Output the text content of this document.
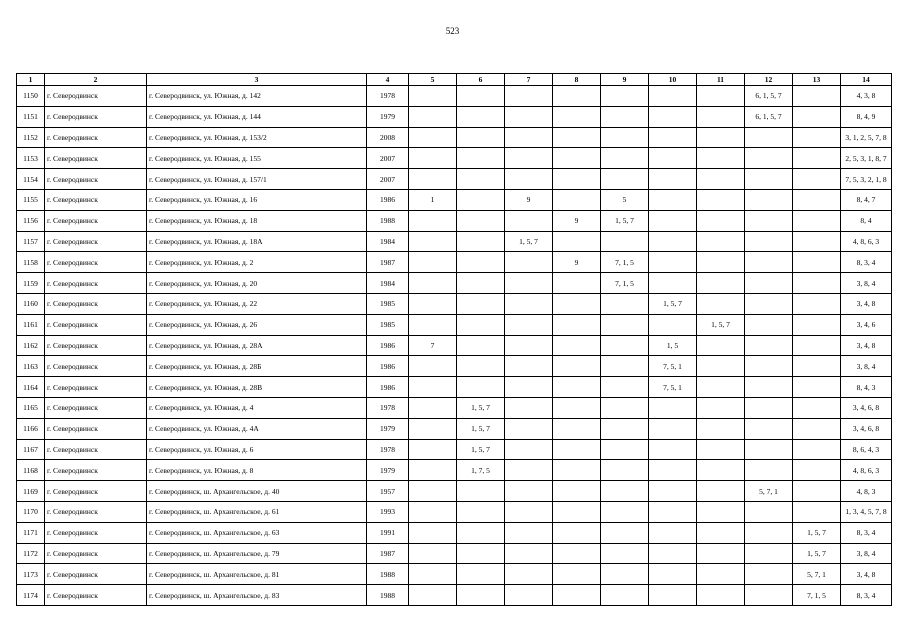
523
1	2	3	4	5	6	7	8	9	10	11	12	13	14
1150	г. Северодвинск	г. Северодвинск, ул. Южная, д. 142	1978								6, 1, 5, 7		4, 3, 8
1151	г. Северодвинск	г. Северодвинск, ул. Южная, д. 144	1979								6, 1, 5, 7		8, 4, 9
1152	г. Северодвинск	г. Северодвинск, ул. Южная, д. 153/2	2008										3, 1, 2, 5, 7, 8
1153	г. Северодвинск	г. Северодвинск, ул. Южная, д. 155	2007										2, 5, 3, 1, 8, 7
1154	г. Северодвинск	г. Северодвинск, ул. Южная, д. 157/1	2007										7, 5, 3, 2, 1, 8
1155	г. Северодвинск	г. Северодвинск, ул. Южная, д. 16	1986	1		9		5					8, 4, 7
1156	г. Северодвинск	г. Северодвинск, ул. Южная, д. 18	1988				9	1, 5, 7					8, 4
1157	г. Северодвинск	г. Северодвинск, ул. Южная, д. 18А	1984			1, 5, 7							4, 8, 6, 3
1158	г. Северодвинск	г. Северодвинск, ул. Южная, д. 2	1987				9	7, 1, 5					8, 3, 4
1159	г. Северодвинск	г. Северодвинск, ул. Южная, д. 20	1984					7, 1, 5					3, 8, 4
1160	г. Северодвинск	г. Северодвинск, ул. Южная, д. 22	1985						1, 5, 7				3, 4, 8
1161	г. Северодвинск	г. Северодвинск, ул. Южная, д. 26	1985							1, 5, 7			3, 4, 6
1162	г. Северодвинск	г. Северодвинск, ул. Южная, д. 28А	1986	7					1, 5				3, 4, 8
1163	г. Северодвинск	г. Северодвинск, ул. Южная, д. 28Б	1986						7, 5, 1				3, 8, 4
1164	г. Северодвинск	г. Северодвинск, ул. Южная, д. 28В	1986						7, 5, 1				8, 4, 3
1165	г. Северодвинск	г. Северодвинск, ул. Южная, д. 4	1978		1, 5, 7								3, 4, 6, 8
1166	г. Северодвинск	г. Северодвинск, ул. Южная, д. 4А	1979		1, 5, 7								3, 4, 6, 8
1167	г. Северодвинск	г. Северодвинск, ул. Южная, д. 6	1978		1, 5, 7								8, 6, 4, 3
1168	г. Северодвинск	г. Северодвинск, ул. Южная, д. 8	1979		1, 7, 5								4, 8, 6, 3
1169	г. Северодвинск	г. Северодвинск, ш. Архангельское, д. 40	1957								5, 7, 1		4, 8, 3
1170	г. Северодвинск	г. Северодвинск, ш. Архангельское, д. 61	1993										1, 3, 4, 5, 7, 8
1171	г. Северодвинск	г. Северодвинск, ш. Архангельское, д. 63	1991									1, 5, 7	8, 3, 4
1172	г. Северодвинск	г. Северодвинск, ш. Архангельское, д. 79	1987									1, 5, 7	3, 8, 4
1173	г. Северодвинск	г. Северодвинск, ш. Архангельское, д. 81	1988									5, 7, 1	3, 4, 8
1174	г. Северодвинск	г. Северодвинск, ш. Архангельское, д. 83	1988									7, 1, 5	8, 3, 4
